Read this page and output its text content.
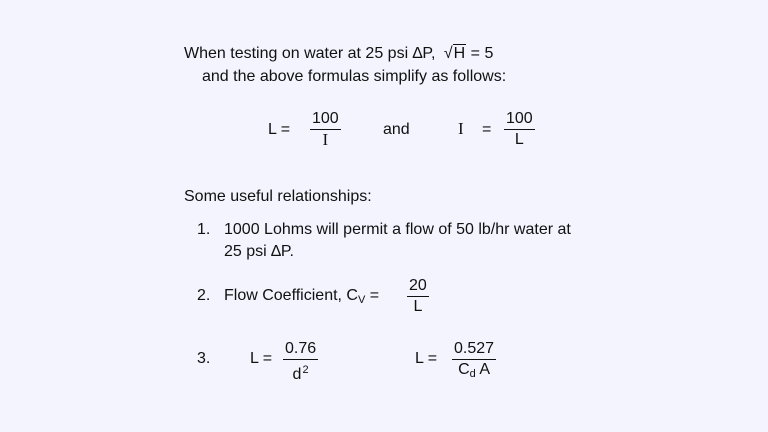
When testing on water at 25 psi ∆P, √H = 5
and the above formulas simplify as follows:
$L = \frac{100}{I}$	and	$I = \frac{100}{L}$
Some useful relationships:
1. 1000 Lohms will permit a flow of 50 lb/hr water at
25 psi ∆P.
2. Flow Coefficient, $C_V = \frac{20}{L}$
3. $L = \frac{0.76}{d^2}$	$L = \frac{0.527}{C_d A}$
